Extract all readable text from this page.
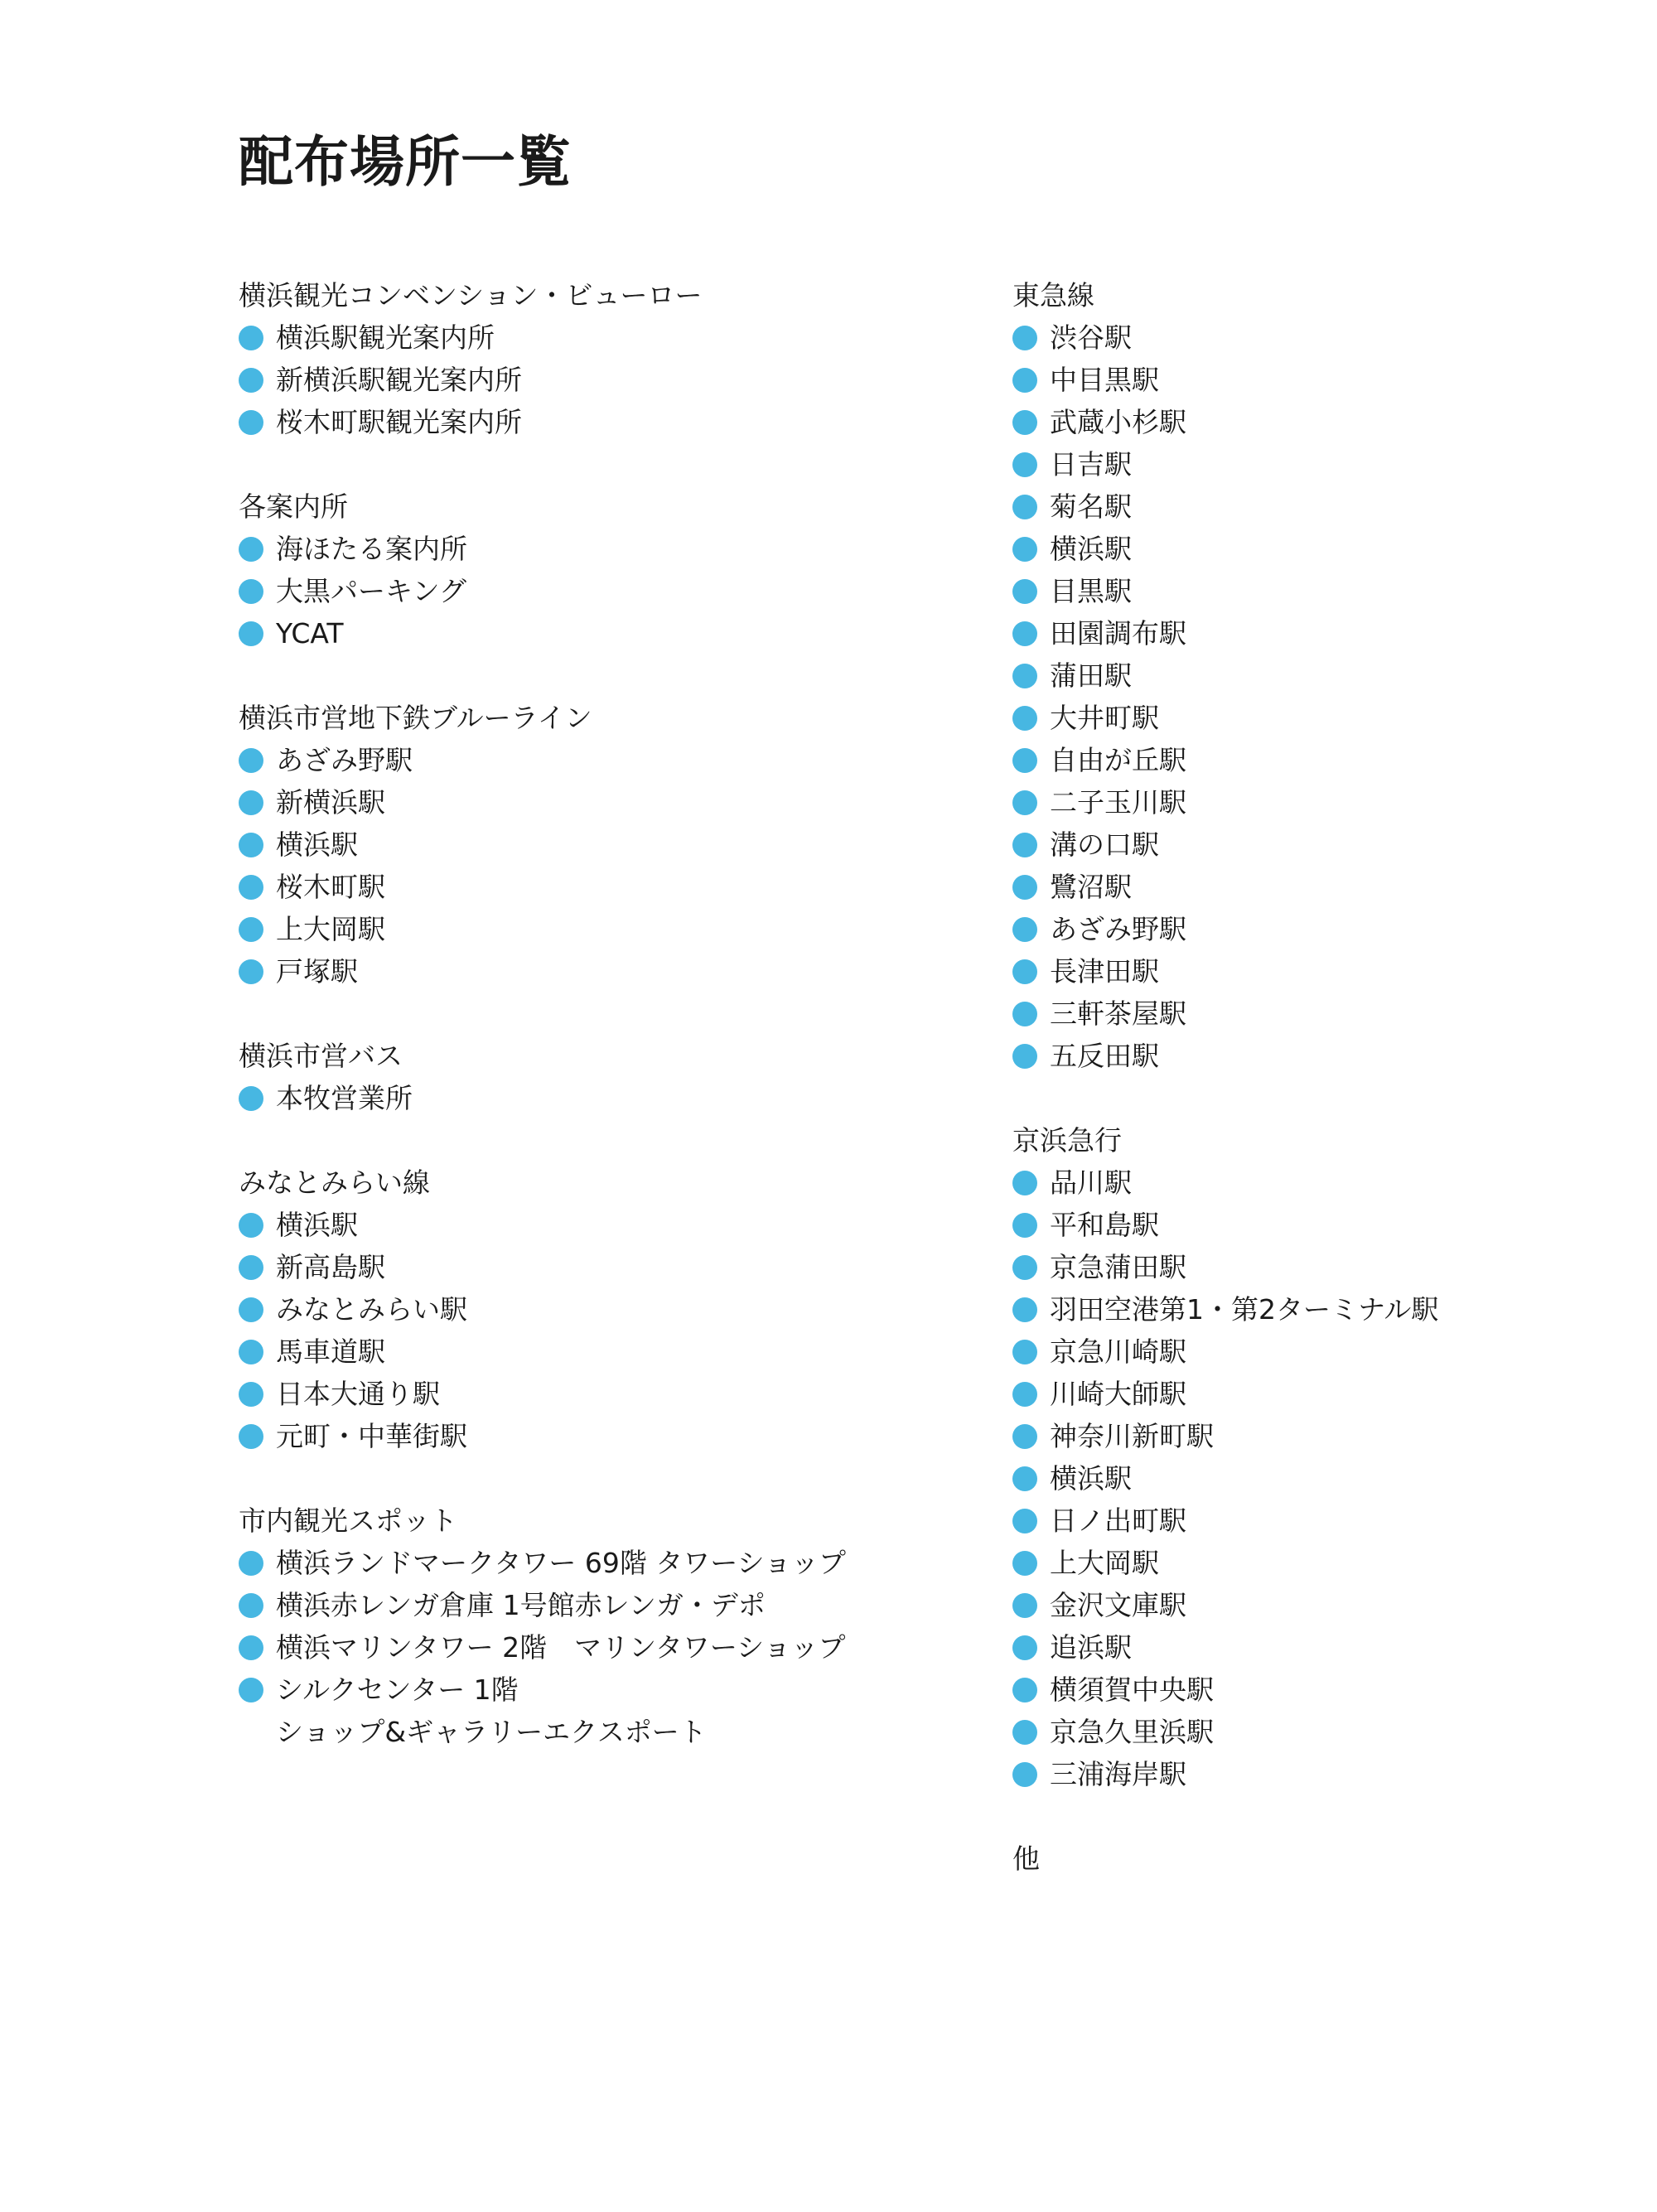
配布場所一覧
横浜観光コンベンション・ビューロー
横浜駅観光案内所
新横浜駅観光案内所
桜木町駅観光案内所
各案内所
海ほたる案内所
大黒パーキング
YCAT
横浜市営地下鉄ブルーライン
あざみ野駅
新横浜駅
横浜駅
桜木町駅
上大岡駅
戸塚駅
横浜市営バス
本牧営業所
みなとみらい線
横浜駅
新高島駅
みなとみらい駅
馬車道駅
日本大通り駅
元町・中華街駅
市内観光スポット
横浜ランドマークタワー 69階 タワーショップ
横浜赤レンガ倉庫 1号館赤レンガ・デポ
横浜マリンタワー 2階　マリンタワーショップ
シルクセンター 1階
ショップ&ギャラリーエクスポート
東急線
渋谷駅
中目黒駅
武蔵小杉駅
日吉駅
菊名駅
横浜駅
目黒駅
田園調布駅
蒲田駅
大井町駅
自由が丘駅
二子玉川駅
溝の口駅
鷺沼駅
あざみ野駅
長津田駅
三軒茶屋駅
五反田駅
京浜急行
品川駅
平和島駅
京急蒲田駅
羽田空港第1・第2ターミナル駅
京急川崎駅
川崎大師駅
神奈川新町駅
横浜駅
日ノ出町駅
上大岡駅
金沢文庫駅
追浜駅
横須賀中央駅
京急久里浜駅
三浦海岸駅
他
